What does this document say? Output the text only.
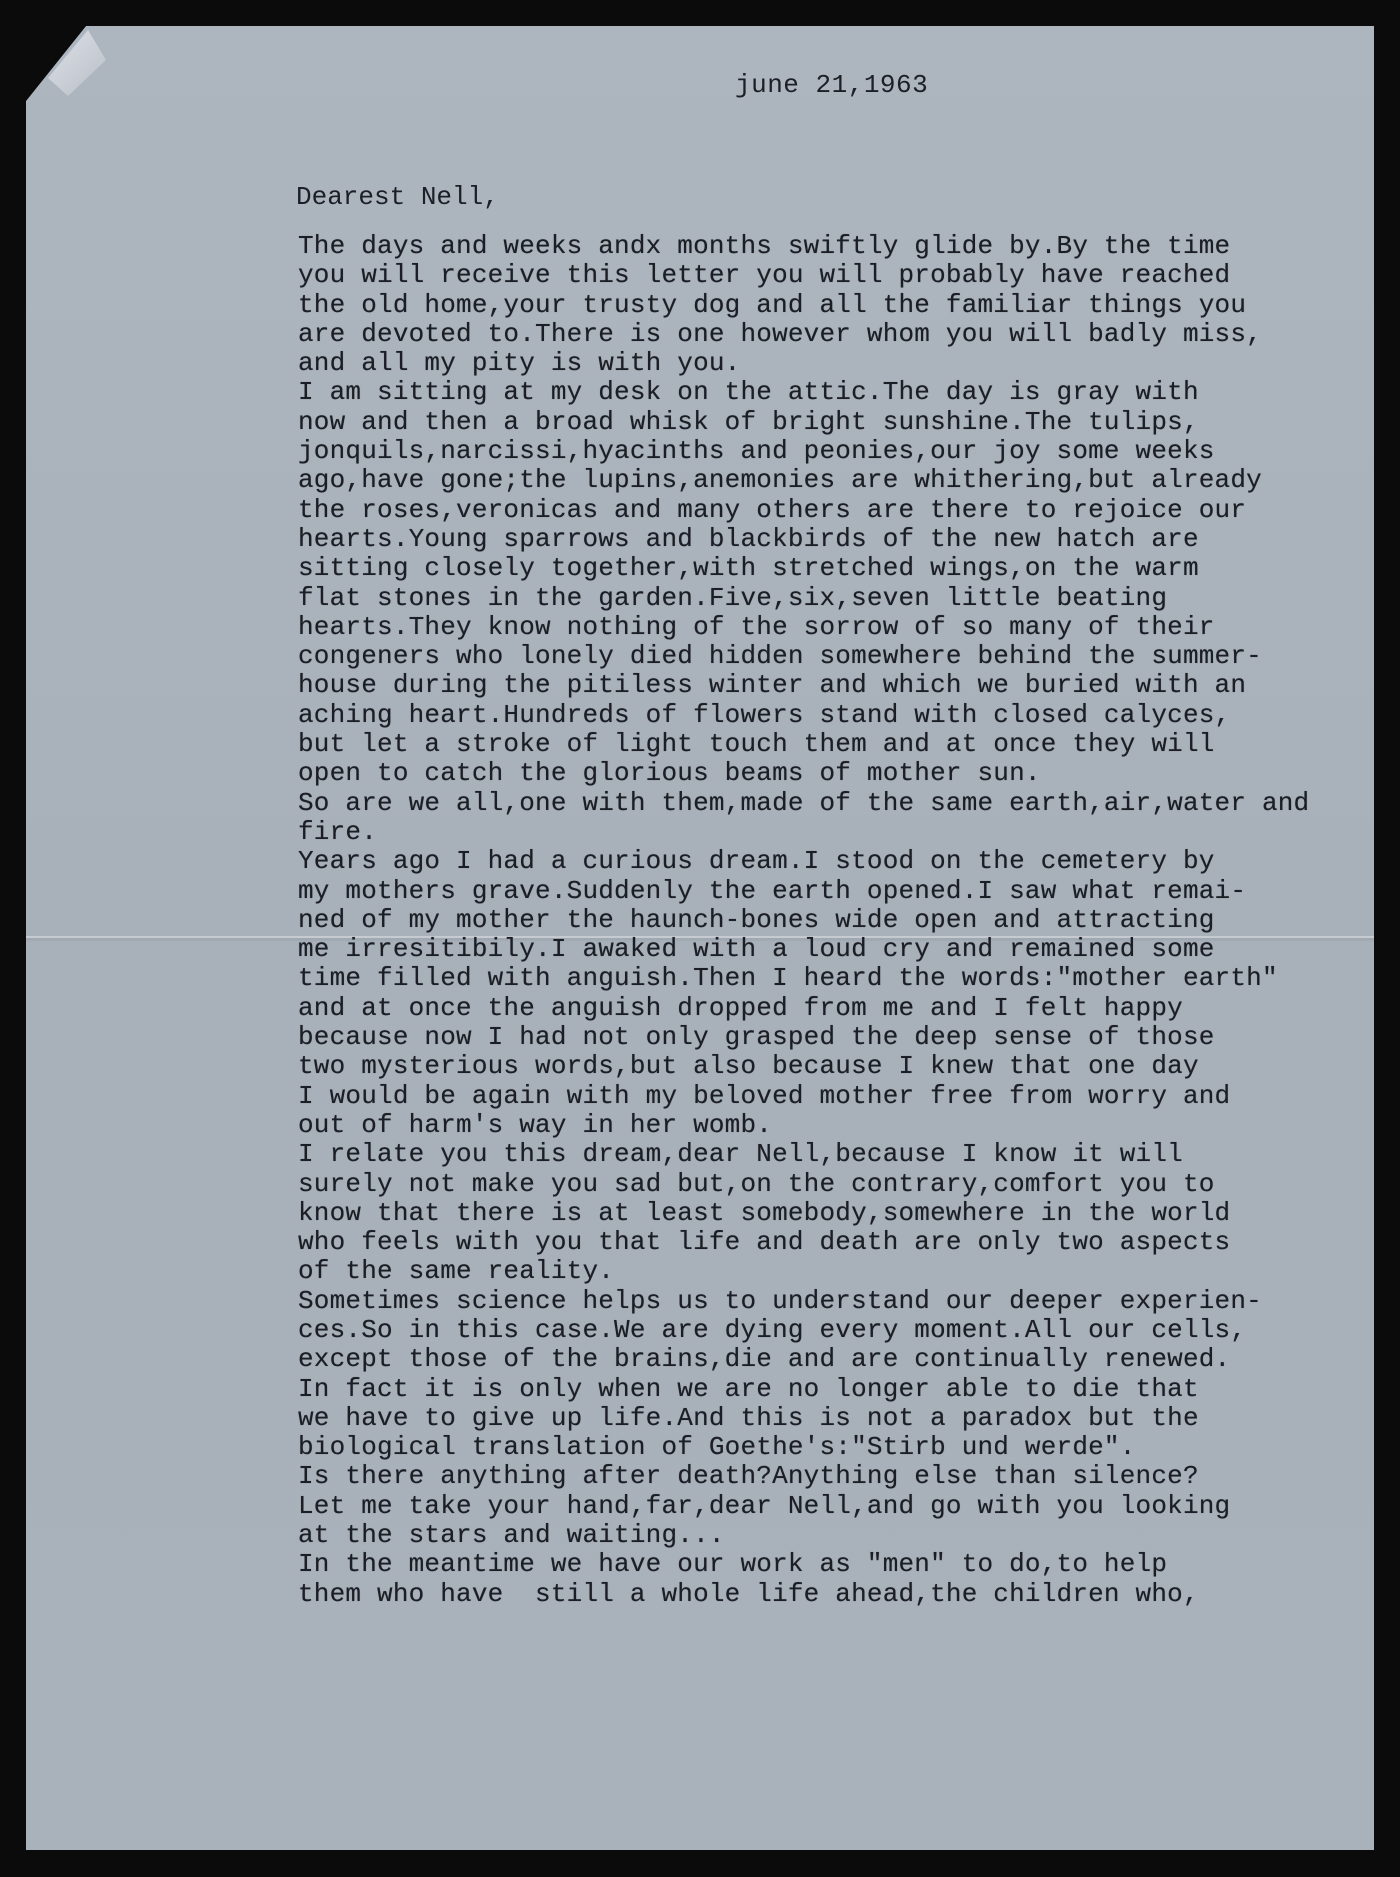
june 21,1963
Dearest Nell,
The days and weeks andx months swiftly glide by.By the time
you will receive this letter you will probably have reached
the old home,your trusty dog and all the familiar things you
are devoted to.There is one however whom you will badly miss,
and all my pity is with you.
I am sitting at my desk on the attic.The day is gray with
now and then a broad whisk of bright sunshine.The tulips,
jonquils,narcissi,hyacinths and peonies,our joy some weeks
ago,have gone;the lupins,anemonies are whithering,but already
the roses,veronicas and many others are there to rejoice our
hearts.Young sparrows and blackbirds of the new hatch are
sitting closely together,with stretched wings,on the warm
flat stones in the garden.Five,six,seven little beating
hearts.They know nothing of the sorrow of so many of their
congeners who lonely died hidden somewhere behind the summer-
house during the pitiless winter and which we buried with an
aching heart.Hundreds of flowers stand with closed calyces,
but let a stroke of light touch them and at once they will
open to catch the glorious beams of mother sun.
So are we all,one with them,made of the same earth,air,water and
fire.
Years ago I had a curious dream.I stood on the cemetery by
my mothers grave.Suddenly the earth opened.I saw what remai-
ned of my mother the haunch-bones wide open and attracting
me irresitibily.I awaked with a loud cry and remained some
time filled with anguish.Then I heard the words:"mother earth"
and at once the anguish dropped from me and I felt happy
because now I had not only grasped the deep sense of those
two mysterious words,but also because I knew that one day
I would be again with my beloved mother free from worry and
out of harm's way in her womb.
I relate you this dream,dear Nell,because I know it will
surely not make you sad but,on the contrary,comfort you to
know that there is at least somebody,somewhere in the world
who feels with you that life and death are only two aspects
of the same reality.
Sometimes science helps us to understand our deeper experien-
ces.So in this case.We are dying every moment.All our cells,
except those of the brains,die and are continually renewed.
In fact it is only when we are no longer able to die that
we have to give up life.And this is not a paradox but the
biological translation of Goethe's:"Stirb und werde".
Is there anything after death?Anything else than silence?
Let me take your hand,far,dear Nell,and go with you looking
at the stars and waiting...
In the meantime we have our work as "men" to do,to help
them who have  still a whole life ahead,the children who,
